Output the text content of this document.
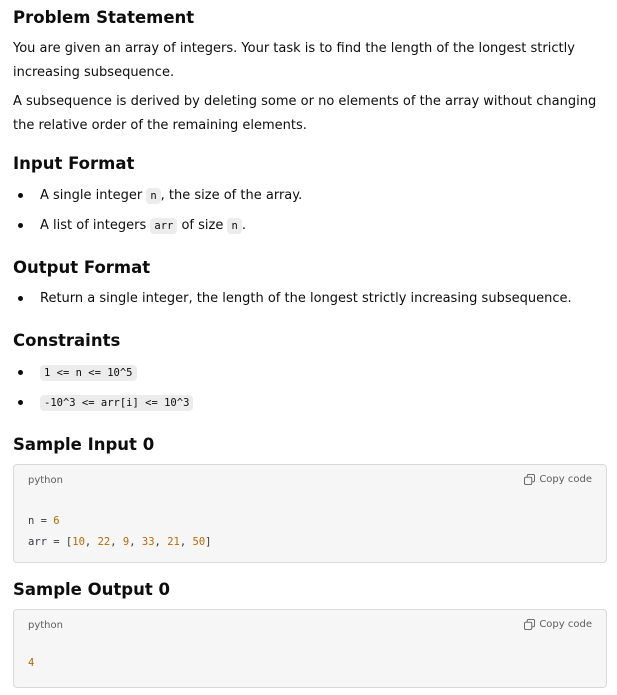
Problem Statement

You are given an array of integers. Your task is to find the length of the longest strictly increasing subsequence.

A subsequence is derived by deleting some or no elements of the array without changing the relative order of the remaining elements.

Input Format
A single integer n , the size of the array.
A list of integers arr of size n .
Output Format
Return a single integer, the length of the longest strictly increasing subsequence.
Constraints
1 <= n <= 10^5
-10^3 <= arr[i] <= 10^3
Sample Input 0
python	Copy code
n = 6
arr = [10, 22, 9, 33, 21, 50]
Sample Output 0
python	Copy code
4
